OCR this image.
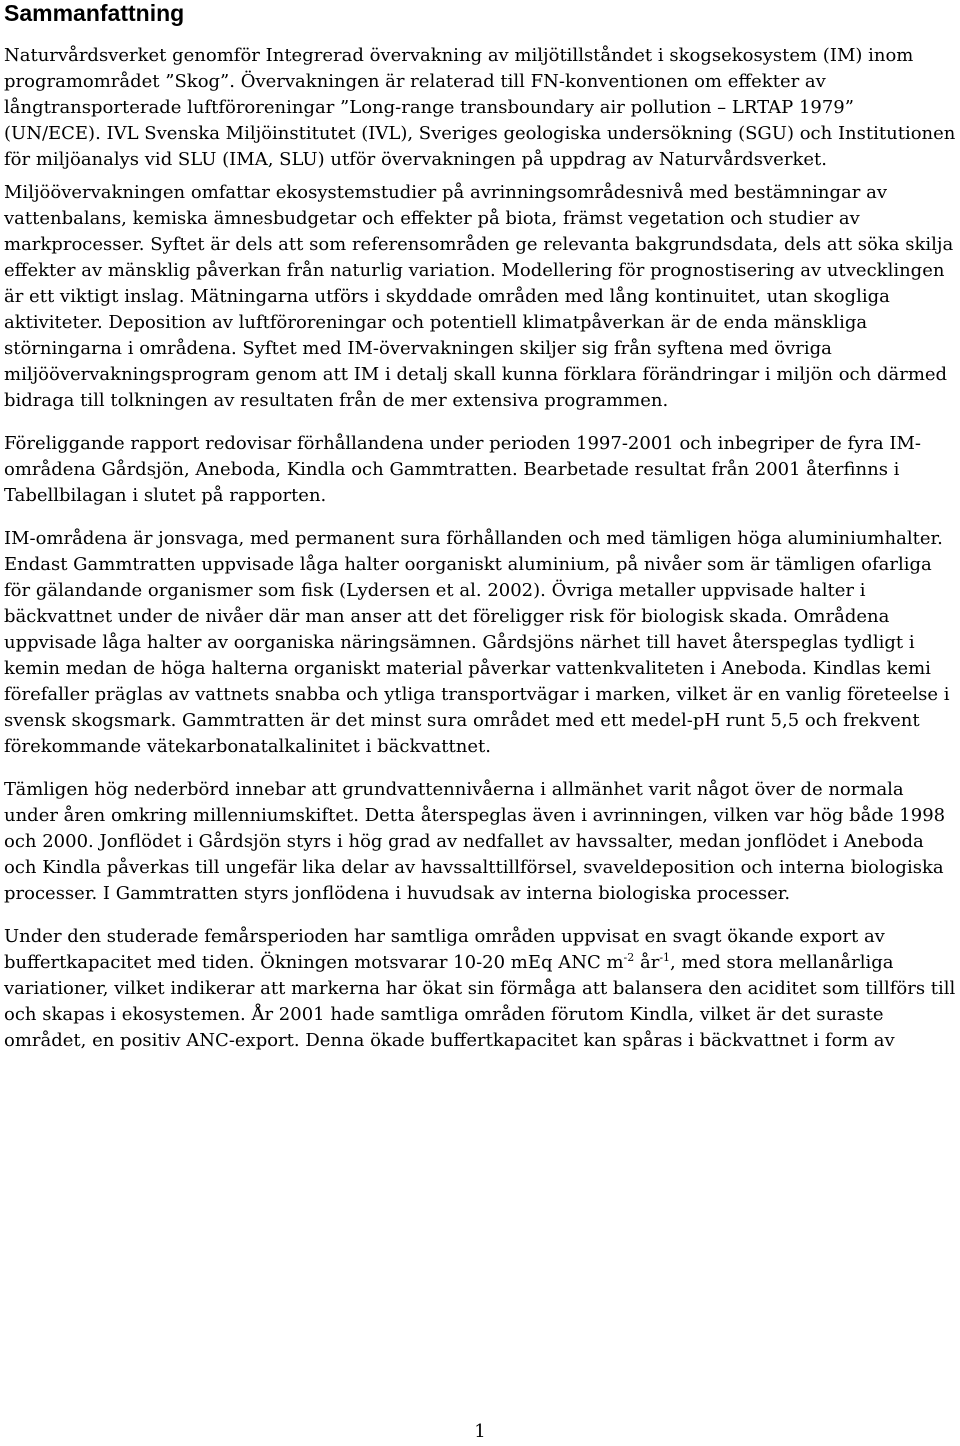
Sammanfattning

Naturvårdsverket genomför Integrerad övervakning av miljötillståndet i skogsekosystem (IM) inom programområdet ”Skog”. Övervakningen är relaterad till FN-konventionen om effekter av långtransporterade luftföroreningar ”Long-range transboundary air pollution – LRTAP 1979” (UN/ECE). IVL Svenska Miljöinstitutet (IVL), Sveriges geologiska undersökning (SGU) och Institutionen för miljöanalys vid SLU (IMA, SLU) utför övervakningen på uppdrag av Naturvårdsverket.

Miljöövervakningen omfattar ekosystemstudier på avrinningsområdesnivå med bestämningar av vattenbalans, kemiska ämnesbudgetar och effekter på biota, främst vegetation och studier av markprocesser. Syftet är dels att som referensområden ge relevanta bakgrundsdata, dels att söka skilja effekter av mänsklig påverkan från naturlig variation. Modellering för prognostisering av utvecklingen är ett viktigt inslag. Mätningarna utförs i skyddade områden med lång kontinuitet, utan skogliga aktiviteter. Deposition av luftföroreningar och potentiell klimatpåverkan är de enda mänskliga störningarna i områdena. Syftet med IM-övervakningen skiljer sig från syftena med övriga miljöövervakningsprogram genom att IM i detalj skall kunna förklara förändringar i miljön och därmed bidraga till tolkningen av resultaten från de mer extensiva programmen.

Föreliggande rapport redovisar förhållandena under perioden 1997-2001 och inbegriper de fyra IM-områdena Gårdsjön, Aneboda, Kindla och Gammtratten. Bearbetade resultat från 2001 återfinns i Tabellbilagan i slutet på rapporten.

IM-områdena är jonsvaga, med permanent sura förhållanden och med tämligen höga aluminiumhalter. Endast Gammtratten uppvisade låga halter oorganiskt aluminium, på nivåer som är tämligen ofarliga för gälandande organismer som fisk (Lydersen et al. 2002). Övriga metaller uppvisade halter i bäckvattnet under de nivåer där man anser att det föreligger risk för biologisk skada. Områdena uppvisade låga halter av oorganiska näringsämnen. Gårdsjöns närhet till havet återspeglas tydligt i kemin medan de höga halterna organiskt material påverkar vattenkvaliteten i Aneboda. Kindlas kemi förefaller präglas av vattnets snabba och ytliga transportvägar i marken, vilket är en vanlig företeelse i svensk skogsmark. Gammtratten är det minst sura området med ett medel-pH runt 5,5 och frekvent förekommande vätekarbonatalkalinitet i bäckvattnet.

Tämligen hög nederbörd innebar att grundvattennivåerna i allmänhet varit något över de normala under åren omkring millenniumskiftet. Detta återspeglas även i avrinningen, vilken var hög både 1998 och 2000. Jonflödet i Gårdsjön styrs i hög grad av nedfallet av havssalter, medan jonflödet i Aneboda och Kindla påverkas till ungefär lika delar av havssalttillförsel, svaveldeposition och interna biologiska processer. I Gammtratten styrs jonflödena i huvudsak av interna biologiska processer.

Under den studerade femårsperioden har samtliga områden uppvisat en svagt ökande export av buffertkapacitet med tiden. Ökningen motsvarar 10-20 mEq ANC $m^{-2}$ $år^{-1}$, med stora mellanårliga variationer, vilket indikerar att markerna har ökat sin förmåga att balansera den aciditet som tillförs till och skapas i ekosystemen. År 2001 hade samtliga områden förutom Kindla, vilket är det suraste området, en positiv ANC-export. Denna ökade buffertkapacitet kan spåras i bäckvattnet i form av

1
